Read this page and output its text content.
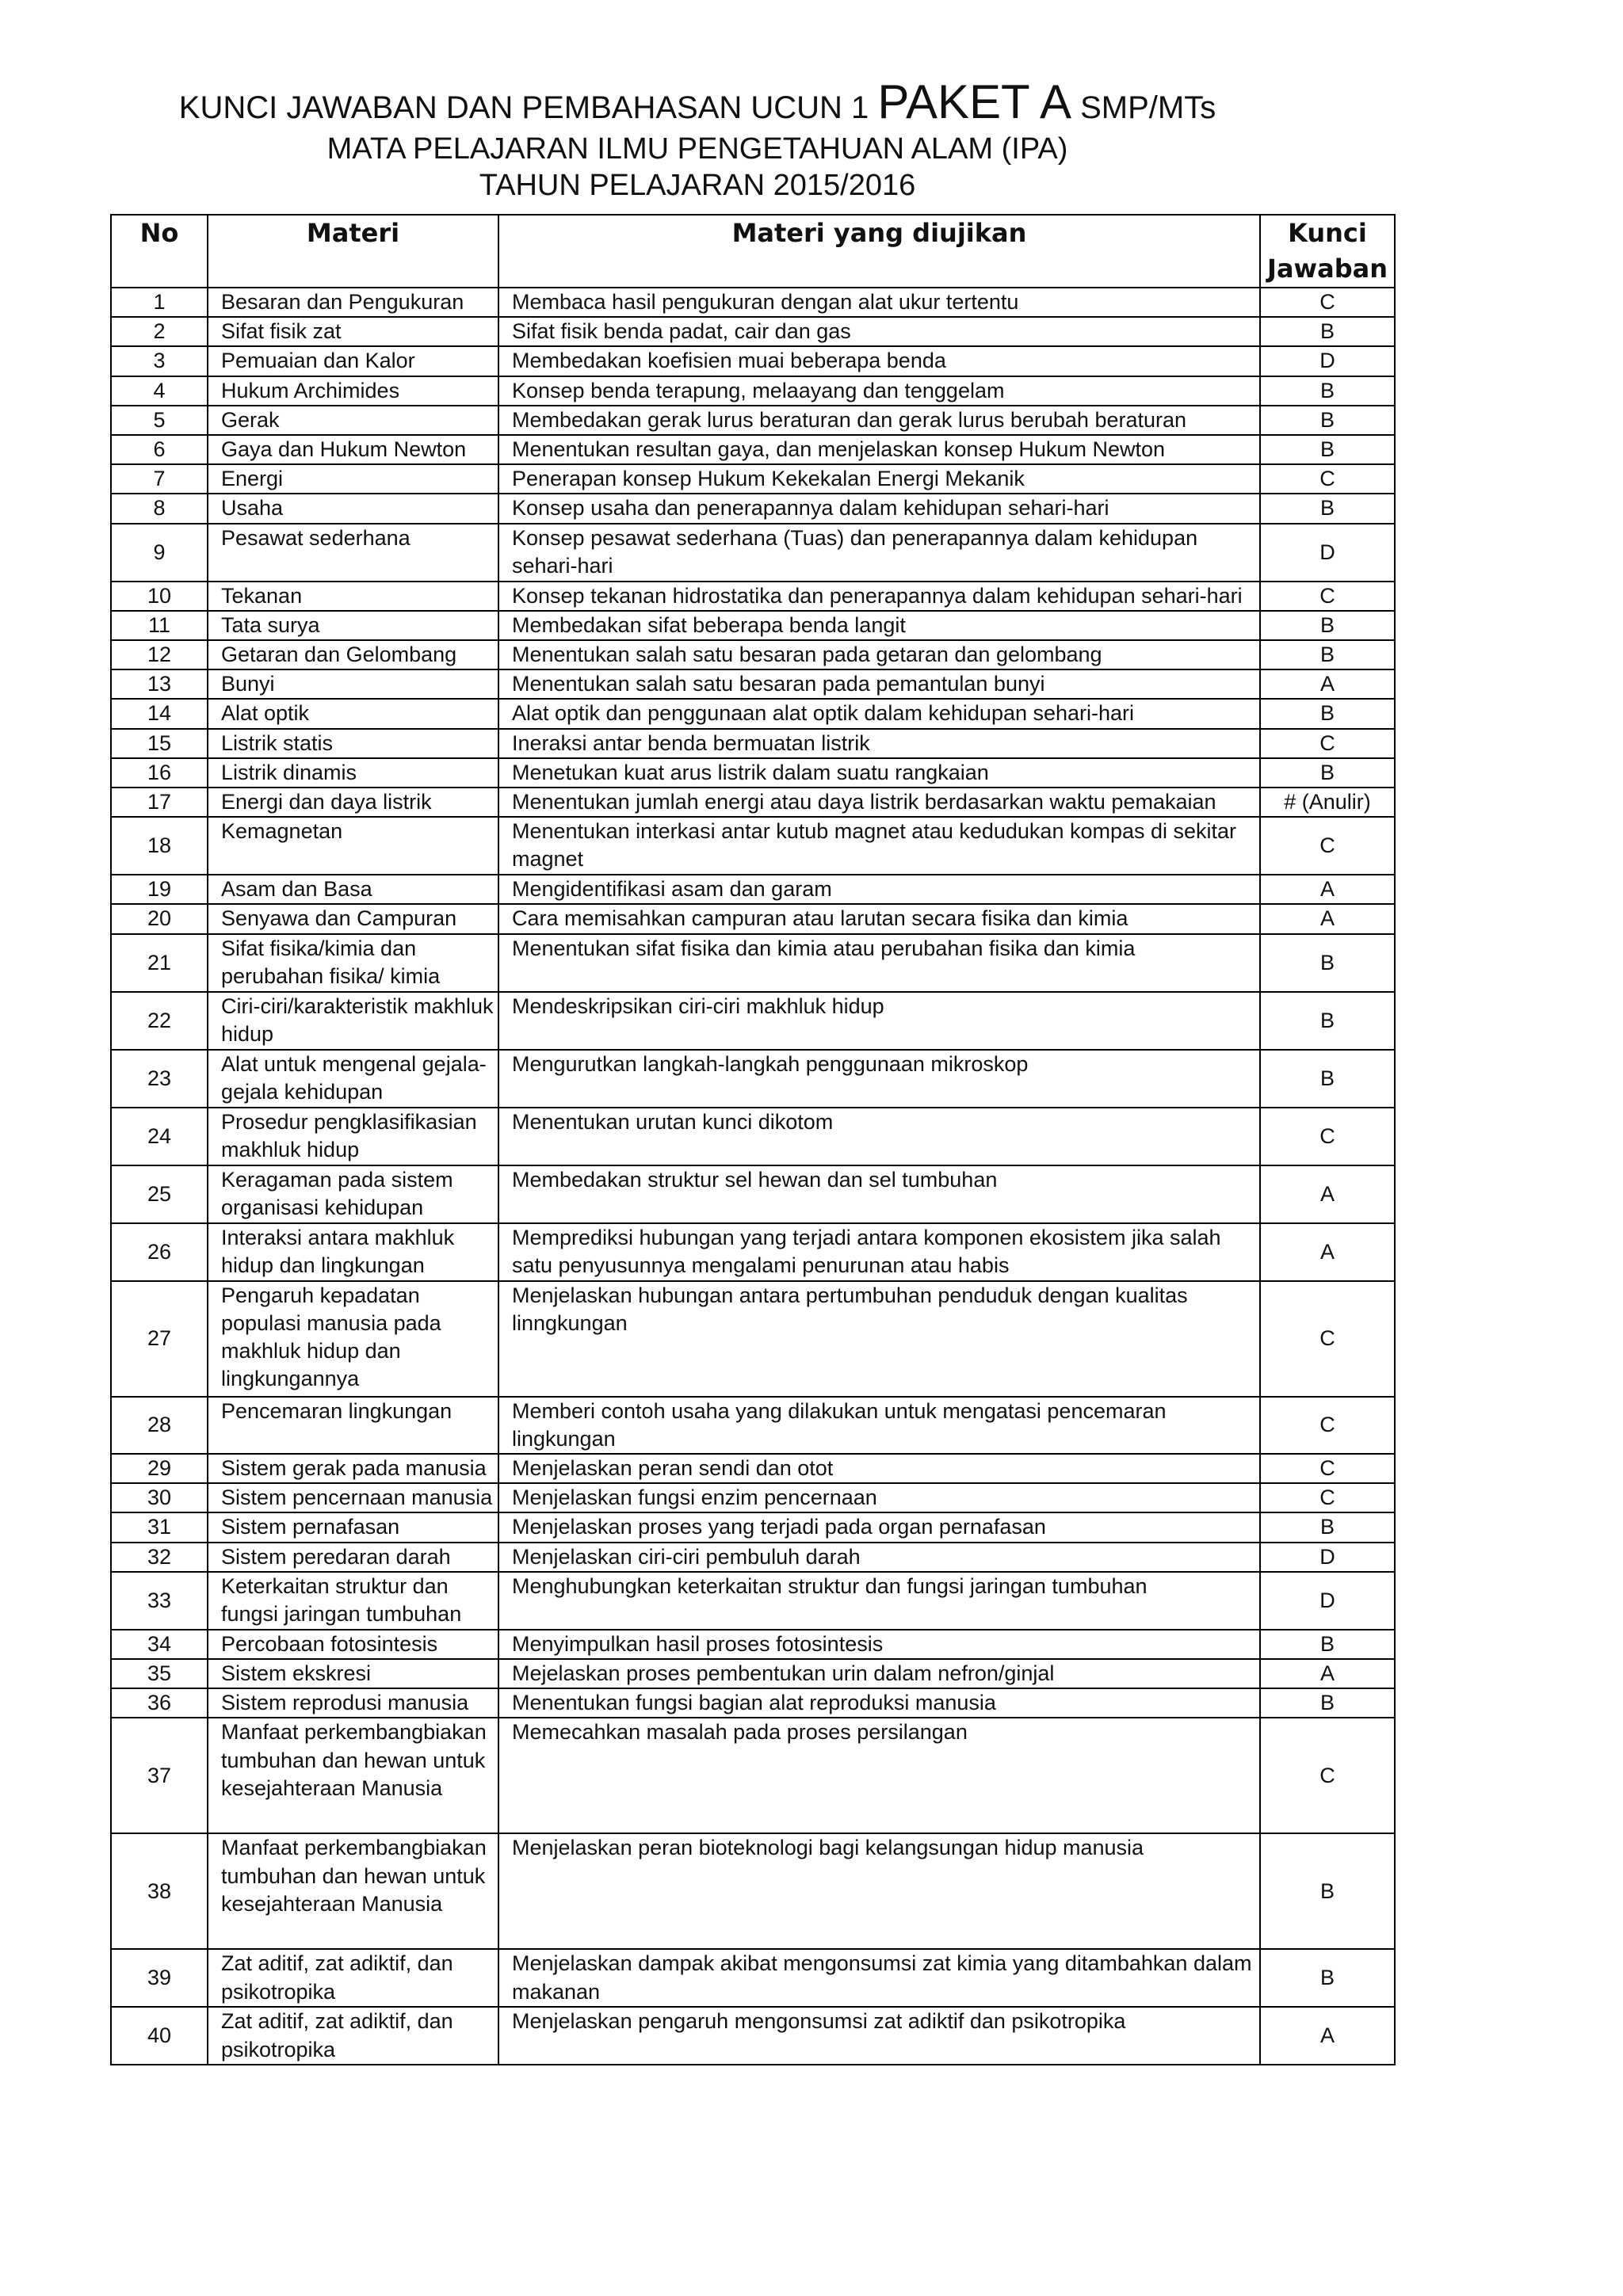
KUNCI JAWABAN DAN PEMBAHASAN UCUN 1 PAKET A SMP/MTs
MATA PELAJARAN ILMU PENGETAHUAN ALAM (IPA)
TAHUN PELAJARAN 2015/2016
No	Materi	Materi yang diujikan	Kunci Jawaban
1	Besaran dan Pengukuran	Membaca hasil pengukuran dengan alat ukur tertentu	C
2	Sifat fisik zat	Sifat fisik benda padat, cair dan gas	B
3	Pemuaian dan Kalor	Membedakan koefisien muai beberapa benda	D
4	Hukum Archimides	Konsep benda terapung, melaayang dan tenggelam	B
5	Gerak	Membedakan gerak lurus beraturan dan gerak lurus berubah beraturan	B
6	Gaya dan Hukum Newton	Menentukan resultan gaya, dan menjelaskan konsep Hukum Newton	B
7	Energi	Penerapan konsep Hukum Kekekalan Energi Mekanik	C
8	Usaha	Konsep usaha dan penerapannya dalam kehidupan sehari-hari	B
9	Pesawat sederhana	Konsep pesawat sederhana (Tuas) dan penerapannya dalam kehidupan sehari-hari	D
10	Tekanan	Konsep tekanan hidrostatika dan penerapannya dalam kehidupan sehari-hari	C
11	Tata surya	Membedakan sifat beberapa benda langit	B
12	Getaran dan Gelombang	Menentukan salah satu besaran pada getaran dan gelombang	B
13	Bunyi	Menentukan salah satu besaran pada pemantulan bunyi	A
14	Alat optik	Alat optik dan penggunaan alat optik dalam kehidupan sehari-hari	B
15	Listrik statis	Ineraksi antar benda bermuatan listrik	C
16	Listrik dinamis	Menetukan kuat arus listrik dalam suatu rangkaian	B
17	Energi dan daya listrik	Menentukan jumlah energi atau daya listrik berdasarkan waktu pemakaian	# (Anulir)
18	Kemagnetan	Menentukan interkasi antar kutub magnet atau kedudukan kompas di sekitar magnet	C
19	Asam dan Basa	Mengidentifikasi asam dan garam	A
20	Senyawa dan Campuran	Cara memisahkan campuran atau larutan secara fisika dan kimia	A
21	Sifat fisika/kimia dan perubahan fisika/ kimia	Menentukan sifat fisika dan kimia atau perubahan fisika dan kimia	B
22	Ciri-ciri/karakteristik makhluk hidup	Mendeskripsikan ciri-ciri makhluk hidup	B
23	Alat untuk mengenal gejala-gejala kehidupan	Mengurutkan langkah-langkah penggunaan mikroskop	B
24	Prosedur pengklasifikasian makhluk hidup	Menentukan urutan kunci dikotom	C
25	Keragaman pada sistem organisasi kehidupan	Membedakan struktur sel hewan dan sel tumbuhan	A
26	Interaksi antara makhluk hidup dan lingkungan	Memprediksi hubungan yang terjadi antara komponen ekosistem jika salah satu penyusunnya mengalami penurunan atau habis	A
27	Pengaruh kepadatan populasi manusia pada makhluk hidup dan lingkungannya	Menjelaskan hubungan antara pertumbuhan penduduk dengan kualitas linngkungan	C
28	Pencemaran lingkungan	Memberi contoh usaha yang dilakukan untuk mengatasi pencemaran lingkungan	C
29	Sistem gerak pada manusia	Menjelaskan peran sendi dan otot	C
30	Sistem pencernaan manusia	Menjelaskan fungsi enzim pencernaan	C
31	Sistem pernafasan	Menjelaskan proses yang terjadi pada organ pernafasan	B
32	Sistem peredaran darah	Menjelaskan ciri-ciri pembuluh darah	D
33	Keterkaitan struktur dan fungsi jaringan tumbuhan	Menghubungkan keterkaitan struktur dan fungsi jaringan tumbuhan	D
34	Percobaan fotosintesis	Menyimpulkan hasil proses fotosintesis	B
35	Sistem ekskresi	Mejelaskan proses pembentukan urin dalam nefron/ginjal	A
36	Sistem reprodusi manusia	Menentukan fungsi bagian alat reproduksi manusia	B
37	Manfaat perkembangbiakan tumbuhan dan hewan untuk kesejahteraan Manusia	Memecahkan masalah pada proses persilangan	C
38	Manfaat perkembangbiakan tumbuhan dan hewan untuk kesejahteraan Manusia	Menjelaskan peran bioteknologi bagi kelangsungan hidup manusia	B
39	Zat aditif, zat adiktif, dan psikotropika	Menjelaskan dampak akibat mengonsumsi zat kimia yang ditambahkan dalam makanan	B
40	Zat aditif, zat adiktif, dan psikotropika	Menjelaskan pengaruh mengonsumsi zat adiktif dan psikotropika	A
